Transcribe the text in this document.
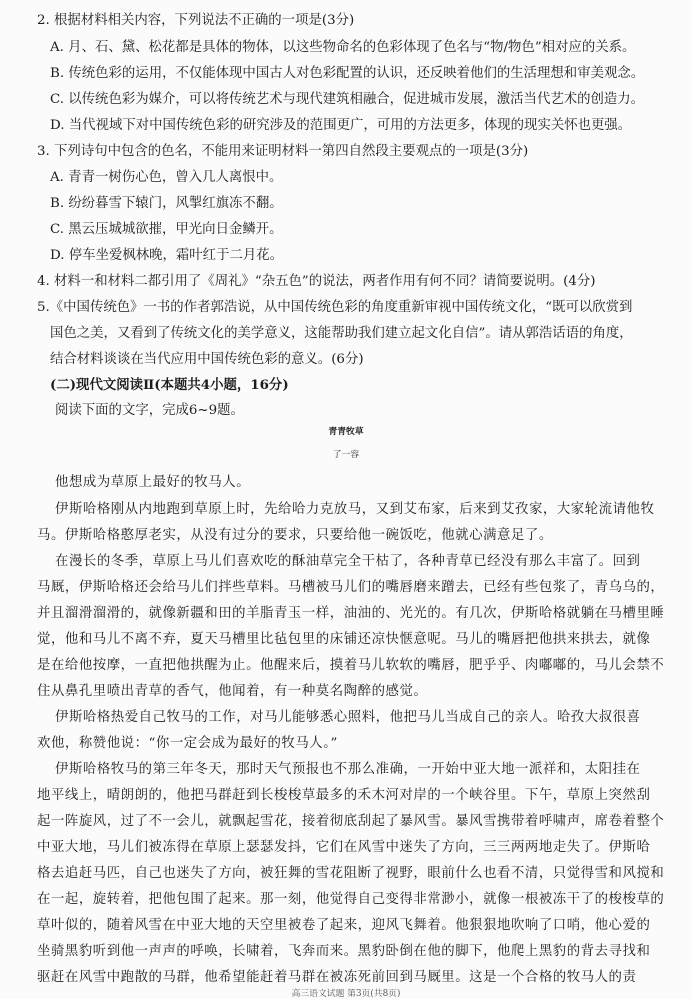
2. 根据材料相关内容，下列说法不正确的一项是(3分)
A. 月、石、黛、松花都是具体的物体，以这些物命名的色彩体现了色名与“物/物色”相对应的关系。
B. 传统色彩的运用，不仅能体现中国古人对色彩配置的认识，还反映着他们的生活理想和审美观念。
C. 以传统色彩为媒介，可以将传统艺术与现代建筑相融合，促进城市发展，激活当代艺术的创造力。
D. 当代视域下对中国传统色彩的研究涉及的范围更广，可用的方法更多，体现的现实关怀也更强。
3. 下列诗句中包含的色名，不能用来证明材料一第四自然段主要观点的一项是(3分)
A. 青青一树伤心色，曾入几人离恨中。
B. 纷纷暮雪下辕门，风掣红旗冻不翻。
C. 黑云压城城欲摧，甲光向日金鳞开。
D. 停车坐爱枫林晚，霜叶红于二月花。
4. 材料一和材料二都引用了《周礼》“杂五色”的说法，两者作用有何不同？请简要说明。(4分)
5.《中国传统色》一书的作者郭浩说，从中国传统色彩的角度重新审视中国传统文化，“既可以欣赏到
国色之美，又看到了传统文化的美学意义，这能帮助我们建立起文化自信”。请从郭浩话语的角度，
结合材料谈谈在当代应用中国传统色彩的意义。(6分)
(二)现代文阅读Ⅱ(本题共4小题，16分)
阅读下面的文字，完成6~9题。
青青牧草
了一容
他想成为草原上最好的牧马人。
伊斯哈格刚从内地跑到草原上时，先给哈力克放马，又到艾布家，后来到艾孜家，大家轮流请他牧
马。伊斯哈格憨厚老实，从没有过分的要求，只要给他一碗饭吃，他就心满意足了。
在漫长的冬季，草原上马儿们喜欢吃的酥油草完全干枯了，各种青草已经没有那么丰富了。回到
马厩，伊斯哈格还会给马儿们拌些草料。马槽被马儿们的嘴唇磨来蹭去，已经有些包浆了，青乌乌的，
并且溜滑溜滑的，就像新疆和田的羊脂青玉一样，油油的、光光的。有几次，伊斯哈格就躺在马槽里睡
觉，他和马儿不离不弃，夏天马槽里比毡包里的床铺还凉快惬意呢。马儿的嘴唇把他拱来拱去，就像
是在给他按摩，一直把他拱醒为止。他醒来后，摸着马儿软软的嘴唇，肥乎乎、肉嘟嘟的，马儿会禁不
住从鼻孔里喷出青草的香气，他闻着，有一种莫名陶醉的感觉。
伊斯哈格热爱自己牧马的工作，对马儿能够悉心照料，他把马儿当成自己的亲人。哈孜大叔很喜
欢他，称赞他说：“你一定会成为最好的牧马人。”
伊斯哈格牧马的第三年冬天，那时天气预报也不那么准确，一开始中亚大地一派祥和，太阳挂在
地平线上，晴朗朗的，他把马群赶到长梭梭草最多的禾木河对岸的一个峡谷里。下午，草原上突然刮
起一阵旋风，过了不一会儿，就飘起雪花，接着彻底刮起了暴风雪。暴风雪携带着呼啸声，席卷着整个
中亚大地，马儿们被冻得在草原上瑟瑟发抖，它们在风雪中迷失了方向，三三两两地走失了。伊斯哈
格去追赶马匹，自己也迷失了方向，被狂舞的雪花阻断了视野，眼前什么也看不清，只觉得雪和风搅和
在一起，旋转着，把他包围了起来。那一刻，他觉得自己变得非常渺小，就像一根被冻干了的梭梭草的
草叶似的，随着风雪在中亚大地的天空里被卷了起来，迎风飞舞着。他狠狠地吹响了口哨，他心爱的
坐骑黑豹听到他一声声的呼唤，长啸着，飞奔而来。黑豹卧倒在他的脚下，他爬上黑豹的背去寻找和
驱赶在风雪中跑散的马群，他希望能赶着马群在被冻死前回到马厩里。这是一个合格的牧马人的责
高三语文试题 第3页(共8页)
